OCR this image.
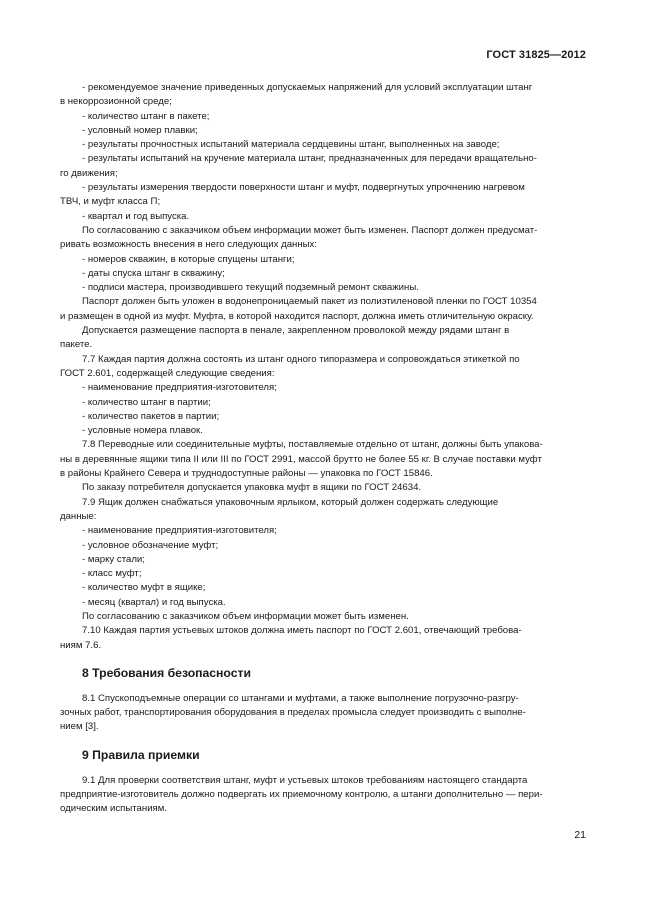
ГОСТ 31825—2012
- рекомендуемое значение приведенных допускаемых напряжений для условий эксплуатации штанг
в некоррозионной среде;
- количество штанг в пакете;
- условный номер плавки;
- результаты прочностных испытаний материала сердцевины штанг, выполненных на заводе;
- результаты испытаний на кручение материала штанг, предназначенных для передачи вращательно-
го движения;
- результаты измерения твердости поверхности штанг и муфт, подвергнутых упрочнению нагревом
ТВЧ, и муфт класса П;
- квартал и год выпуска.
По согласованию с заказчиком объем информации может быть изменен. Паспорт должен предусмат-
ривать возможность внесения в него следующих данных:
- номеров скважин, в которые спущены штанги;
- даты спуска штанг в скважину;
- подписи мастера, производившего текущий подземный ремонт скважины.
Паспорт должен быть уложен в водонепроницаемый пакет из полиэтиленовой пленки по ГОСТ 10354
и размещен в одной из муфт. Муфта, в которой находится паспорт, должна иметь отличительную окраску.
Допускается размещение паспорта в пенале, закрепленном проволокой между рядами штанг в
пакете.
7.7 Каждая партия должна состоять из штанг одного типоразмера и сопровождаться этикеткой по
ГОСТ 2.601, содержащей следующие сведения:
- наименование предприятия-изготовителя;
- количество штанг в партии;
- количество пакетов в партии;
- условные номера плавок.
7.8 Переводные или соединительные муфты, поставляемые отдельно от штанг, должны быть упакова-
ны в деревянные ящики типа II или III по ГОСТ 2991, массой брутто не более 55 кг. В случае поставки муфт
в районы Крайнего Севера и труднодоступные районы — упаковка по ГОСТ 15846.
По заказу потребителя допускается упаковка муфт в ящики по ГОСТ 24634.
7.9 Ящик должен снабжаться упаковочным ярлыком, который должен содержать следующие
данные:
- наименование предприятия-изготовителя;
- условное обозначение муфт;
- марку стали;
- класс муфт;
- количество муфт в ящике;
- месяц (квартал) и год выпуска.
По согласованию с заказчиком объем информации может быть изменен.
7.10 Каждая партия устьевых штоков должна иметь паспорт по ГОСТ 2.601, отвечающий требова-
ниям 7.6.
8 Требования безопасности
8.1 Спускоподъемные операции со штангами и муфтами, а также выполнение погрузочно-разгру-
зочных работ, транспортирования оборудования в пределах промысла следует производить с выполне-
нием [3].
9 Правила приемки
9.1 Для проверки соответствия штанг, муфт и устьевых штоков требованиям настоящего стандарта
предприятие-изготовитель должно подвергать их приемочному контролю, а штанги дополнительно — пери-
одическим испытаниям.
21
